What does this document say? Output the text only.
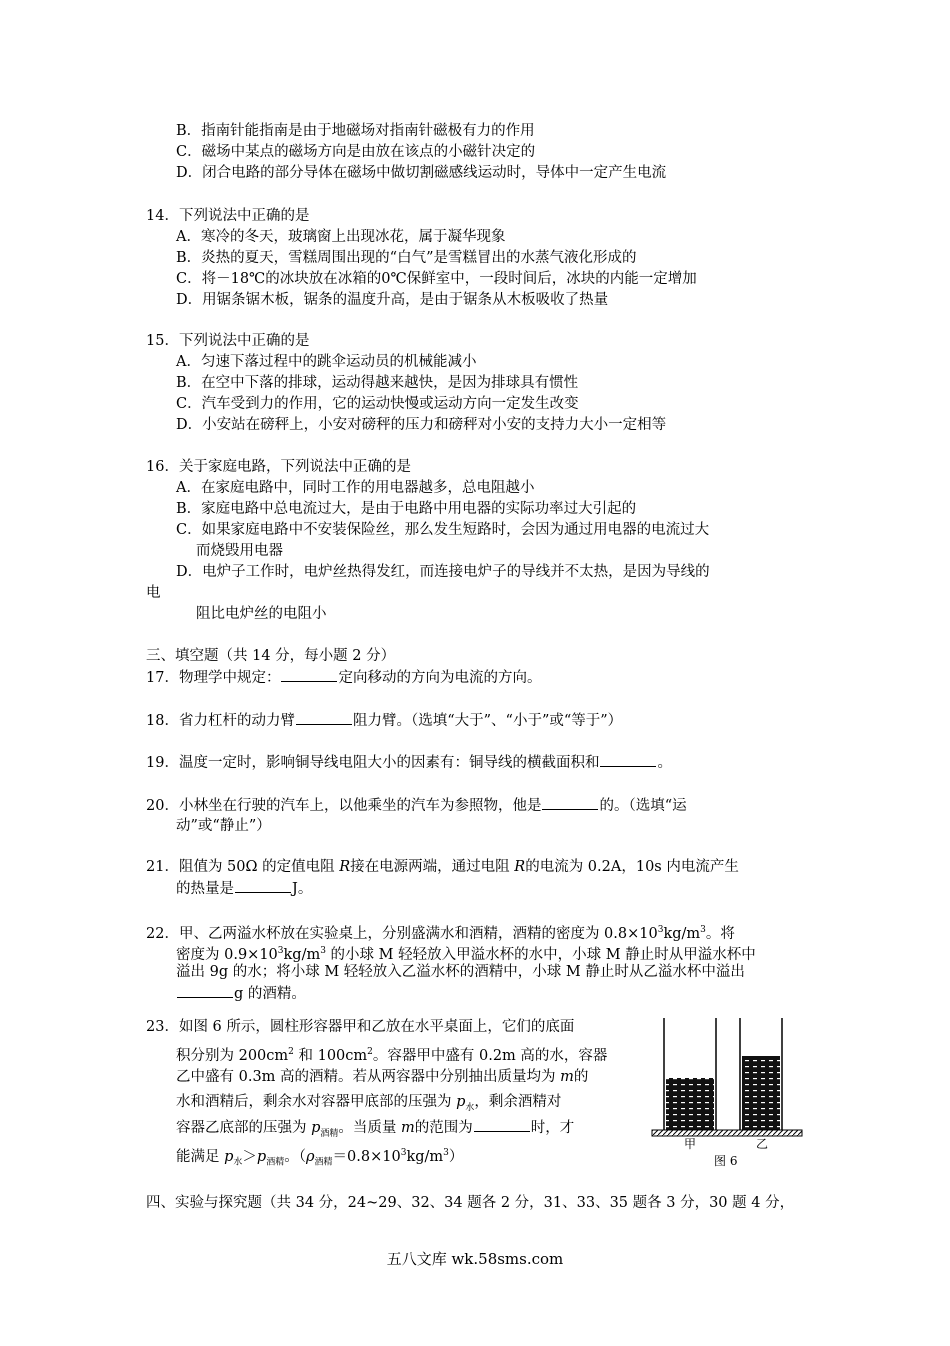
B．指南针能指南是由于地磁场对指南针磁极有力的作用
C．磁场中某点的磁场方向是由放在该点的小磁针决定的
D．闭合电路的部分导体在磁场中做切割磁感线运动时，导体中一定产生电流
14．下列说法中正确的是
A．寒冷的冬天，玻璃窗上出现冰花，属于凝华现象
B．炎热的夏天，雪糕周围出现的“白气”是雪糕冒出的水蒸气液化形成的
C．将－18℃的冰块放在冰箱的0℃保鲜室中，一段时间后，冰块的内能一定增加
D．用锯条锯木板，锯条的温度升高，是由于锯条从木板吸收了热量
15．下列说法中正确的是
A．匀速下落过程中的跳伞运动员的机械能减小
B．在空中下落的排球，运动得越来越快，是因为排球具有惯性
C．汽车受到力的作用，它的运动快慢或运动方向一定发生改变
D．小安站在磅秤上，小安对磅秤的压力和磅秤对小安的支持力大小一定相等
16．关于家庭电路，下列说法中正确的是
A．在家庭电路中，同时工作的用电器越多，总电阻越小
B．家庭电路中总电流过大，是由于电路中用电器的实际功率过大引起的
C．如果家庭电路中不安装保险丝，那么发生短路时，会因为通过用电器的电流过大
而烧毁用电器
D．电炉子工作时，电炉丝热得发红，而连接电炉子的导线并不太热，是因为导线的
电
阻比电炉丝的电阻小
三、填空题（共 14 分，每小题 2 分）
17．物理学中规定：	定向移动的方向为电流的方向。
18．省力杠杆的动力臂	阻力臂。（选填“大于”、“小于”或“等于”）
19．温度一定时，影响铜导线电阻大小的因素有：铜导线的横截面积和	。
20．小林坐在行驶的汽车上，以他乘坐的汽车为参照物，他是	的。（选填“运
动”或“静止”）
21．阻值为 50Ω 的定值电阻 R接在电源两端，通过电阻 R的电流为 0.2A，10s 内电流产生
的热量是	J。
22．甲、乙两溢水杯放在实验桌上，分别盛满水和酒精，酒精的密度为 $0.8\times 10^3kg/m^3$。将
密度为 $0.9\times 10^3kg/m^3$ 的小球 M 轻轻放入甲溢水杯的水中，小球 M 静止时从甲溢水杯中
溢出 9g 的水；将小球 M 轻轻放入乙溢水杯的酒精中，小球 M 静止时从乙溢水杯中溢出
g 的酒精。
23．如图 6 所示，圆柱形容器甲和乙放在水平桌面上，它们的底面
积分别为 $200cm^2$ 和 $100cm^2$。容器甲中盛有 0.2m 高的水，容器
乙中盛有 0.3m 高的酒精。若从两容器中分别抽出质量均为 m的
水和酒精后，剩余水对容器甲底部的压强为 $p_水$，剩余酒精对
容器乙底部的压强为 $p_{酒精}$。当质量 m的范围为	时，才
能满足 $p_水>p_{酒精}$。$(\rho_{酒精}=0.8\times 10^3kg/m^3)$
甲	乙
图 6
四、实验与探究题（共 34 分，24~29、32、34 题各 2 分，31、33、35 题各 3 分，30 题 4 分，
五八文库 wk.58sms.com
